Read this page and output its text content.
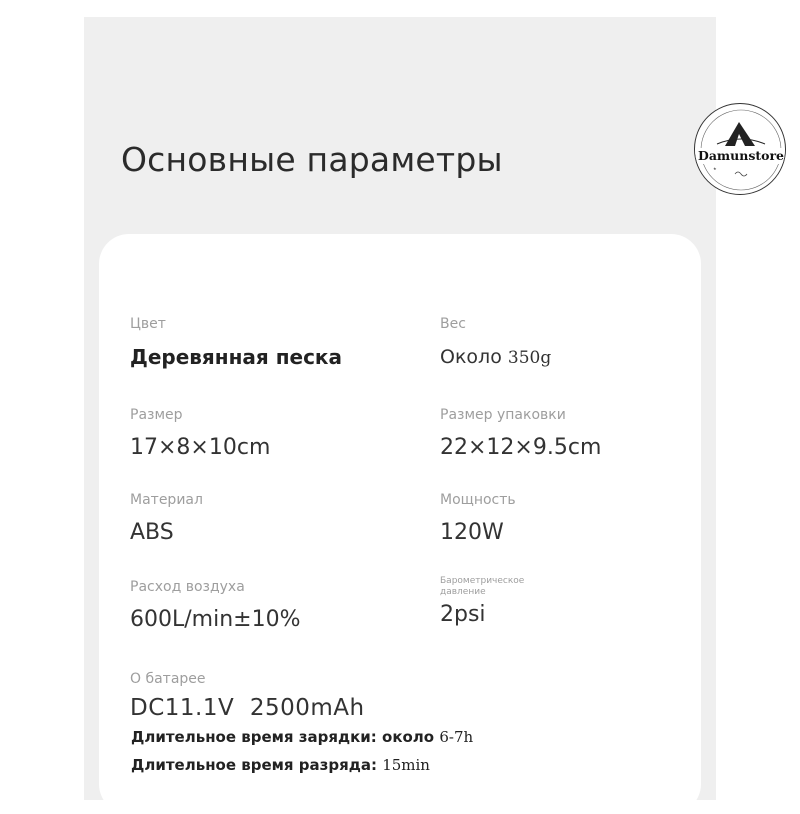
Основные параметры
Цвет
Деревянная песка
Вес
Около 350g
Размер
17×8×10cm
Размер упаковки
22×12×9.5cm
Материал
ABS
Мощность
120W
Расход воздуха
600L/min±10%
Барометрическое
давление
2psi
О батарее
DC11.1V  2500mAh
Длительное время зарядки: около 6-7h
Длительное время разряда: 15min
★
Damunstore
